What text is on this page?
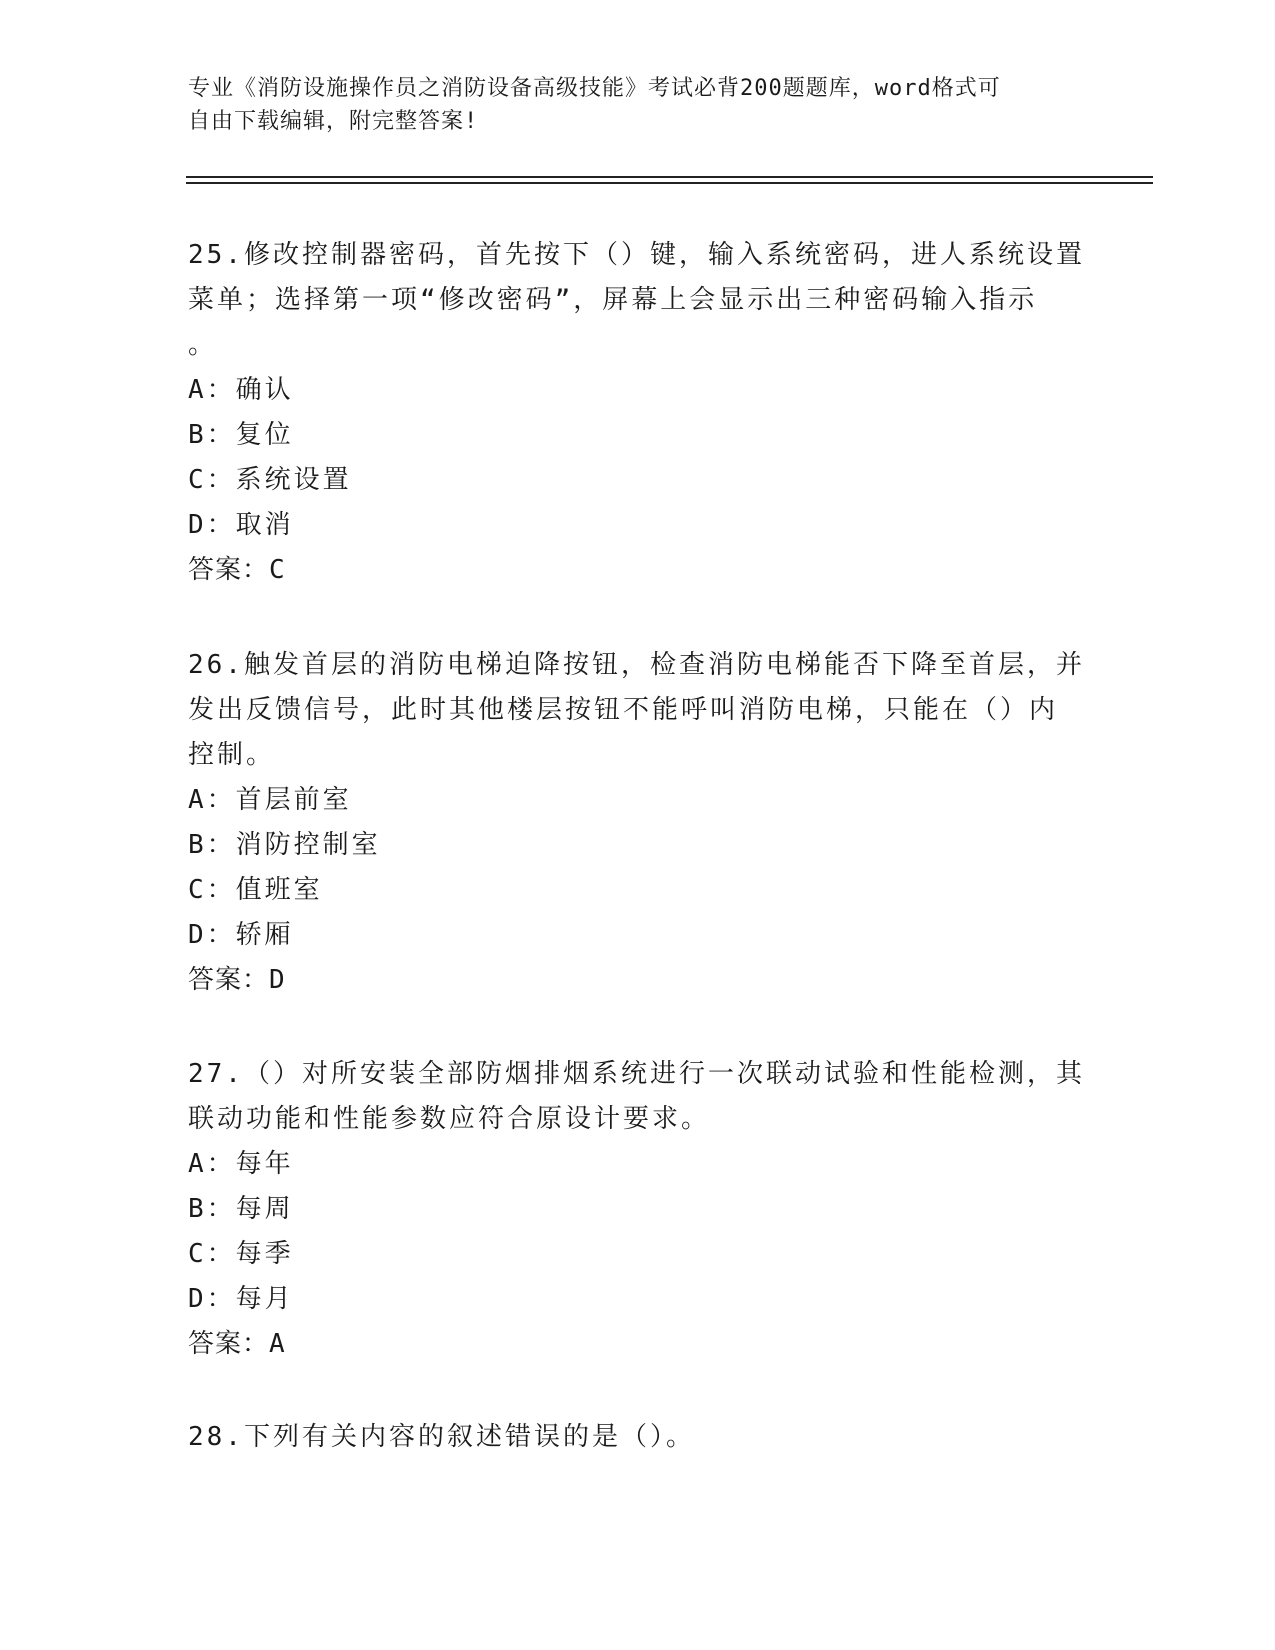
专业《消防设施操作员之消防设备高级技能》考试必背200题题库，word格式可
自由下载编辑，附完整答案!

25.修改控制器密码，首先按下（）键，输入系统密码，进人系统设置

菜单；选择第一项“修改密码”，屏幕上会显示出三种密码输入指示

。

A：确认

B：复位

C：系统设置

D：取消

答案：C

26.触发首层的消防电梯迫降按钮，检查消防电梯能否下降至首层，并

发出反馈信号，此时其他楼层按钮不能呼叫消防电梯，只能在（）内

控制。

A：首层前室

B：消防控制室

C：值班室

D：轿厢

答案：D

27.（）对所安装全部防烟排烟系统进行一次联动试验和性能检测，其

联动功能和性能参数应符合原设计要求。

A：每年

B：每周

C：每季

D：每月

答案：A

28.下列有关内容的叙述错误的是（）。
